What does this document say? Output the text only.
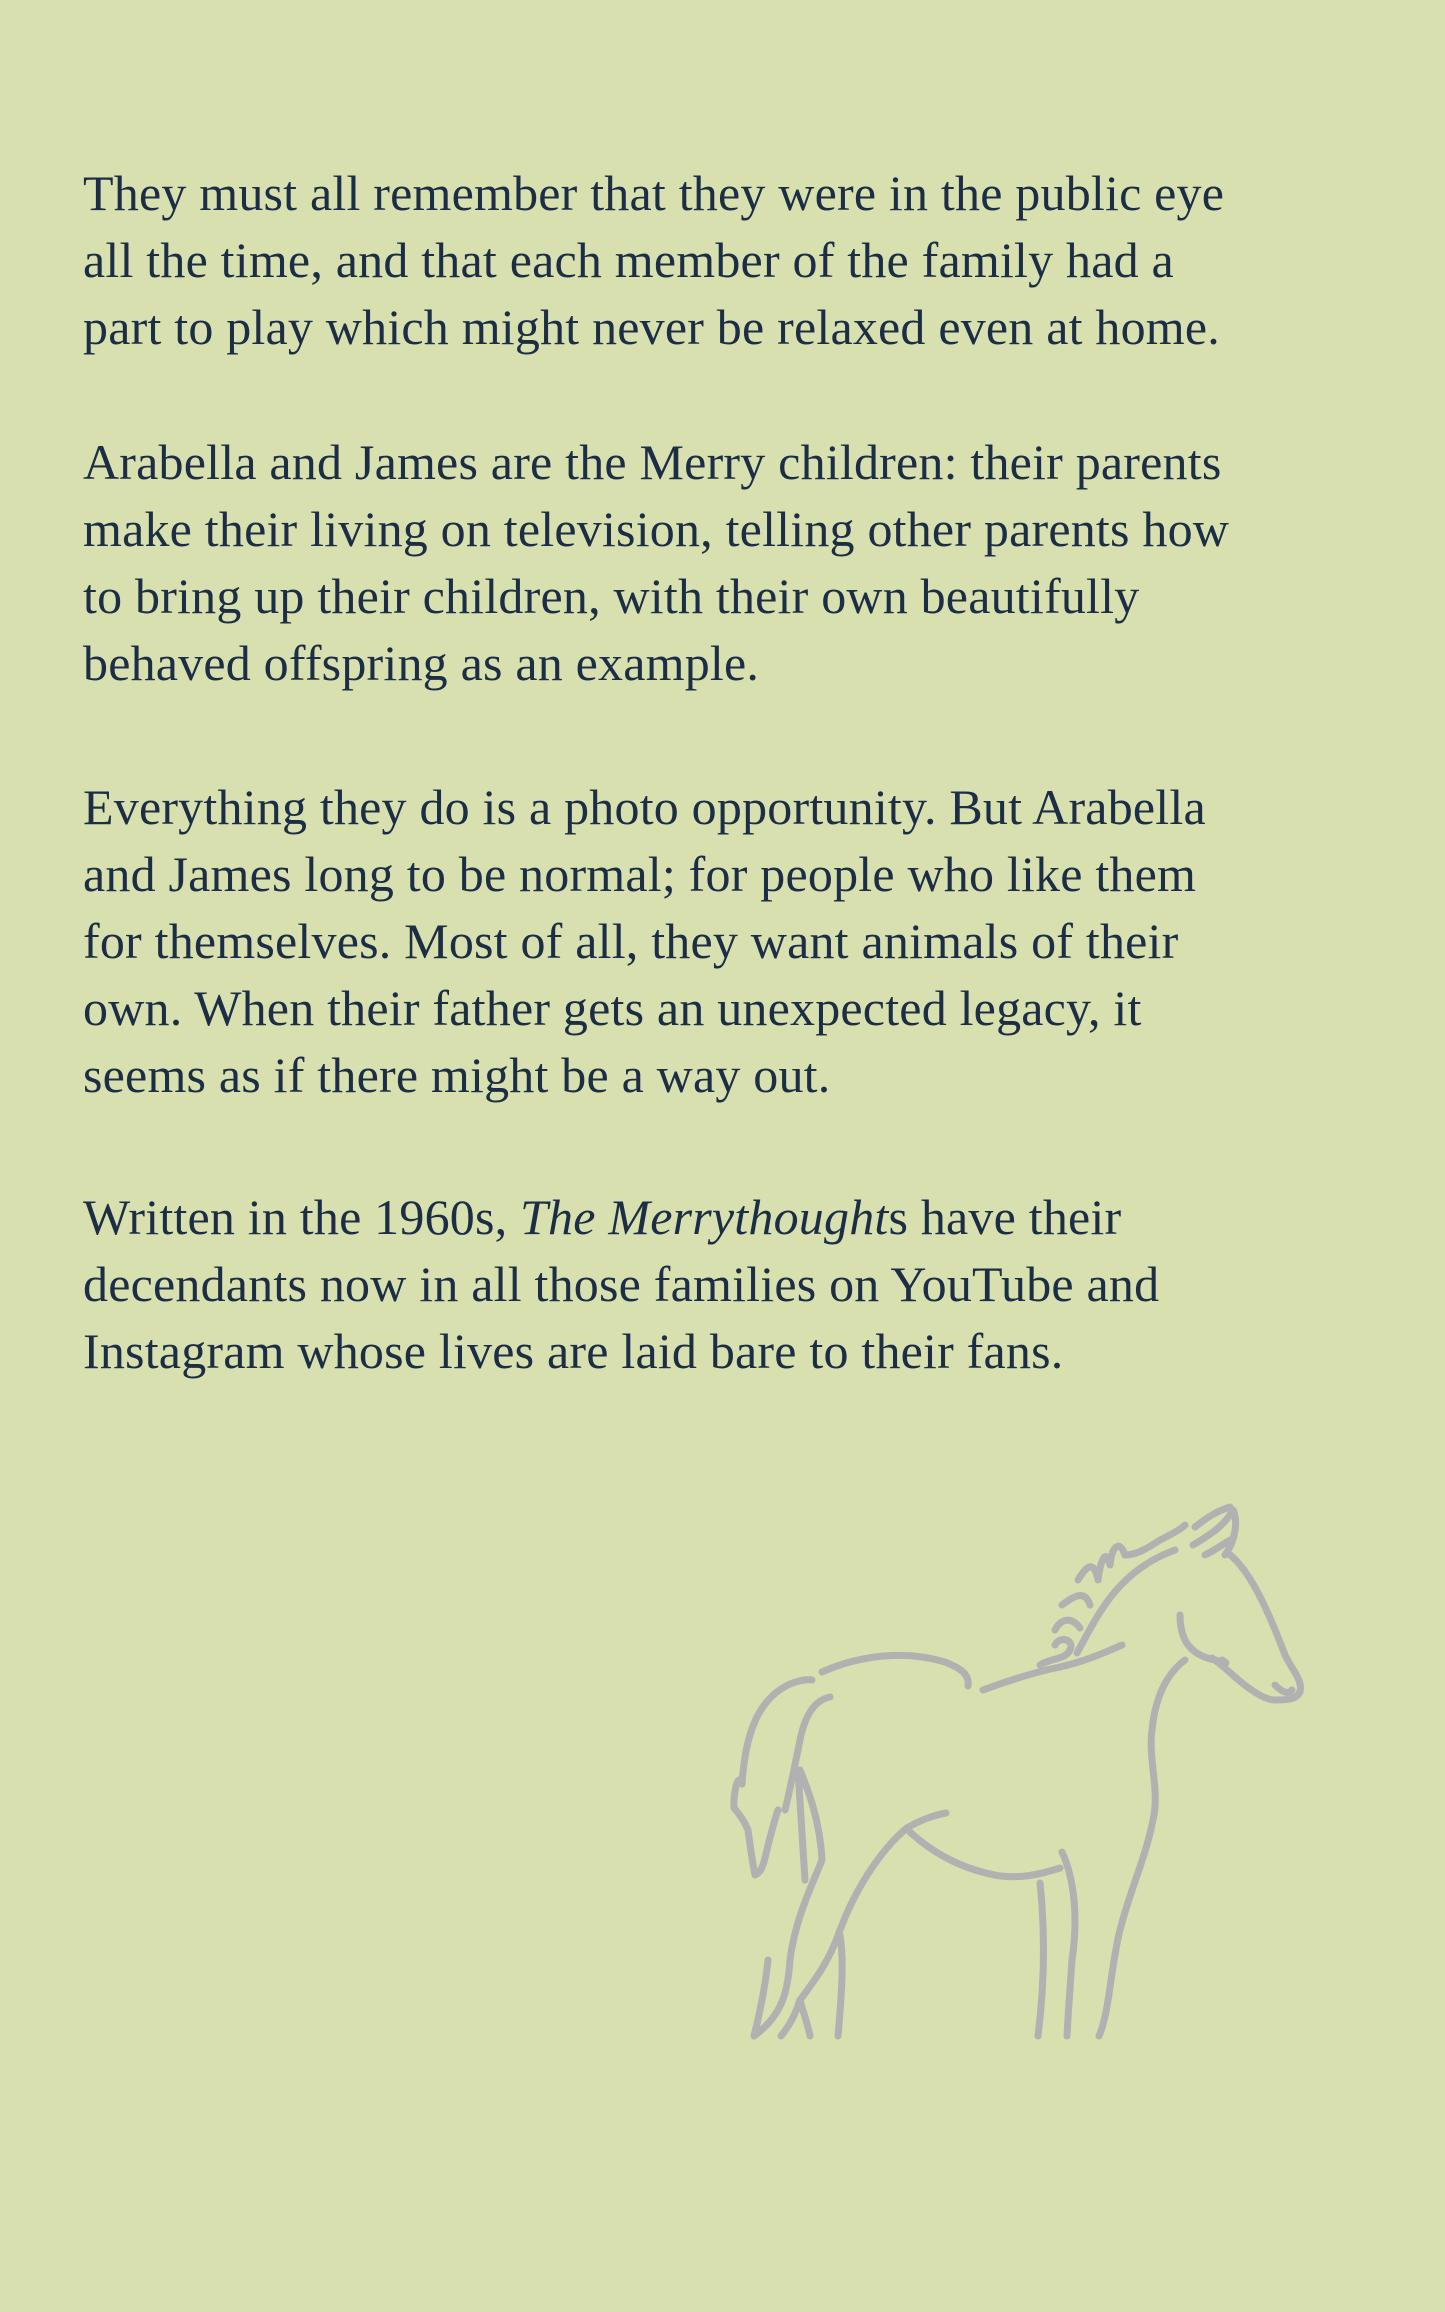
They must all remember that they were in the public eye
all the time, and that each member of the family had a
part to play which might never be relaxed even at home.
Arabella and James are the Merry children: their parents
make their living on television, telling other parents how
to bring up their children, with their own beautifully
behaved offspring as an example.
Everything they do is a photo opportunity. But Arabella
and James long to be normal; for people who like them
for themselves. Most of all, they want animals of their
own. When their father gets an unexpected legacy, it
seems as if there might be a way out.
Written in the 1960s, The Merrythoughts have their
decendants now in all those families on YouTube and
Instagram whose lives are laid bare to their fans.
